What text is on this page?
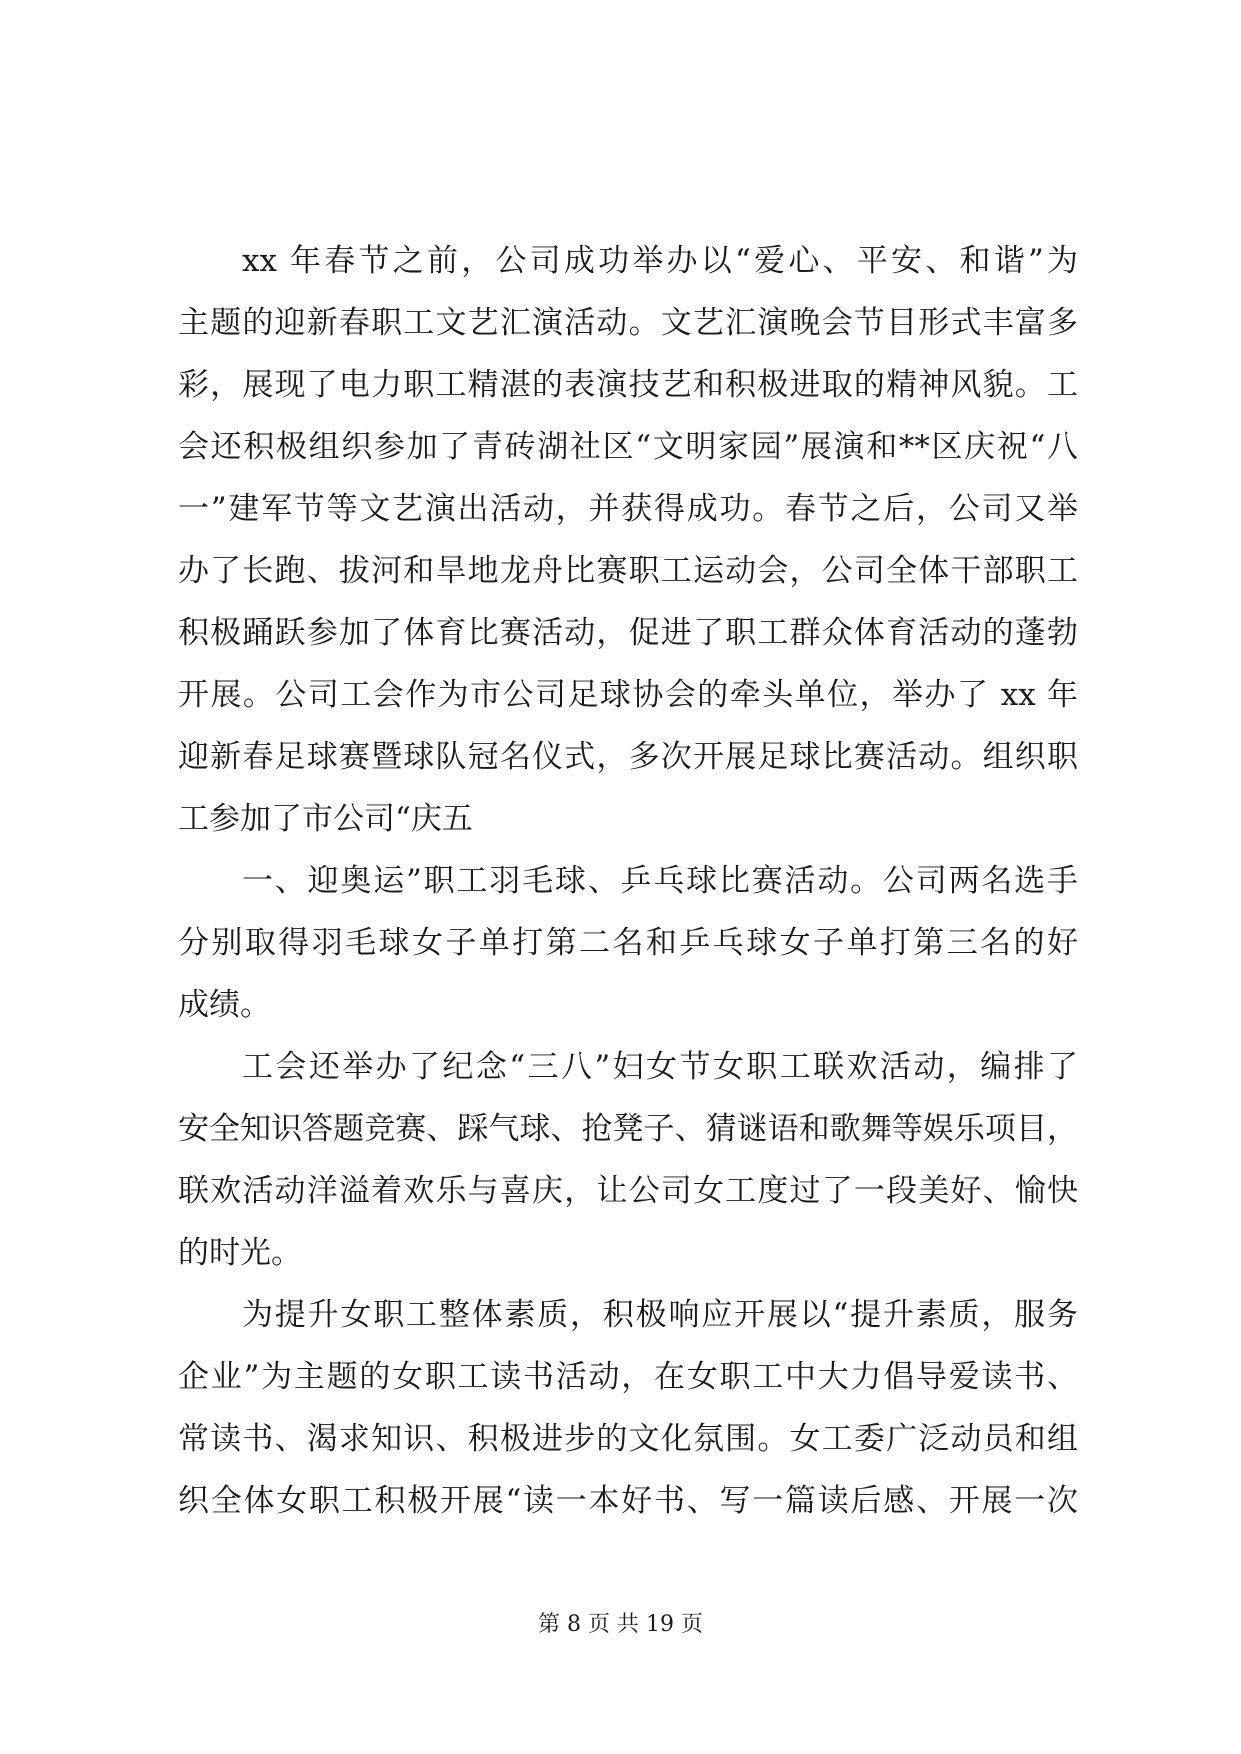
xx 年春节之前，公司成功举办以“爱心、平安、和谐”为
主题的迎新春职工文艺汇演活动。文艺汇演晚会节目形式丰富多
彩，展现了电力职工精湛的表演技艺和积极进取的精神风貌。工
会还积极组织参加了青砖湖社区“文明家园”展演和**区庆祝“八
一”建军节等文艺演出活动，并获得成功。春节之后，公司又举
办了长跑、拔河和旱地龙舟比赛职工运动会，公司全体干部职工
积极踊跃参加了体育比赛活动，促进了职工群众体育活动的蓬勃
开展。公司工会作为市公司足球协会的牵头单位，举办了 xx 年
迎新春足球赛暨球队冠名仪式，多次开展足球比赛活动。组织职
工参加了市公司“庆五
一、迎奥运”职工羽毛球、乒乓球比赛活动。公司两名选手
分别取得羽毛球女子单打第二名和乒乓球女子单打第三名的好
成绩。
工会还举办了纪念“三八”妇女节女职工联欢活动，编排了
安全知识答题竞赛、踩气球、抢凳子、猜谜语和歌舞等娱乐项目，
联欢活动洋溢着欢乐与喜庆，让公司女工度过了一段美好、愉快
的时光。
为提升女职工整体素质，积极响应开展以“提升素质，服务
企业”为主题的女职工读书活动，在女职工中大力倡导爱读书、
常读书、渴求知识、积极进步的文化氛围。女工委广泛动员和组
织全体女职工积极开展“读一本好书、写一篇读后感、开展一次
第 8 页 共 19 页
